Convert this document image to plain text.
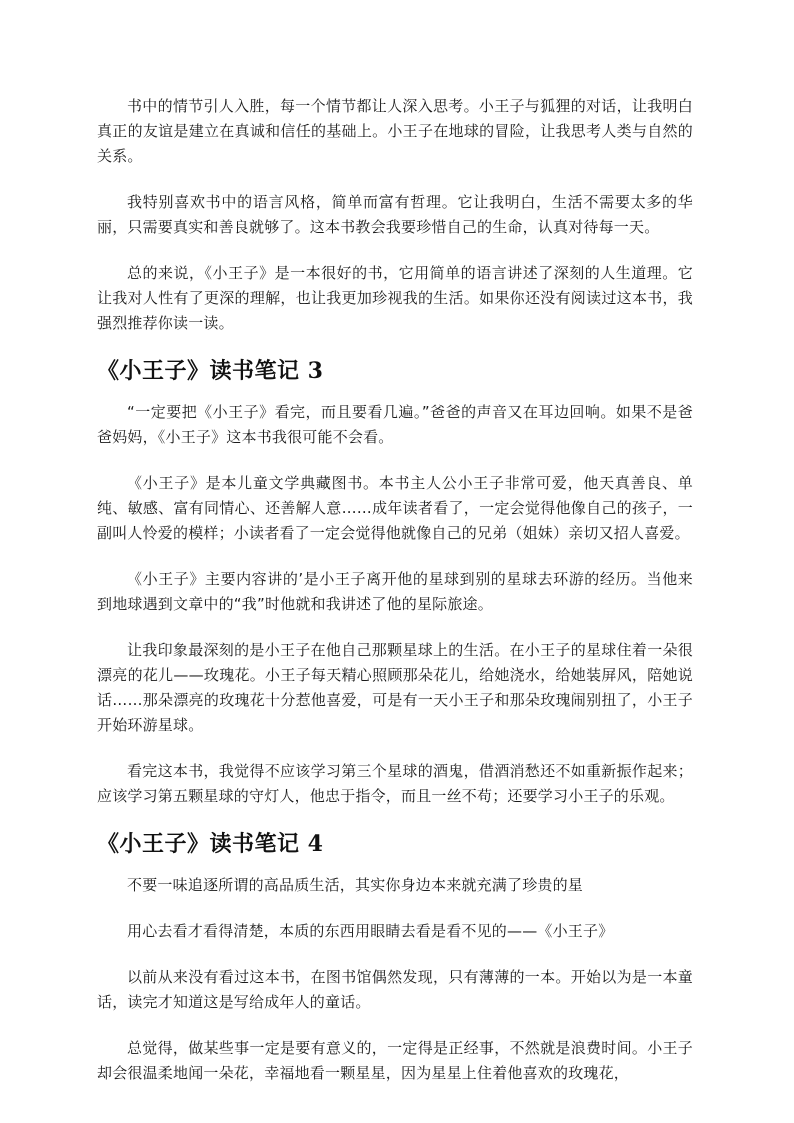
书中的情节引人入胜，每一个情节都让人深入思考。小王子与狐狸的对话，让我明白真正的友谊是建立在真诚和信任的基础上。小王子在地球的冒险，让我思考人类与自然的关系。

我特别喜欢书中的语言风格，简单而富有哲理。它让我明白，生活不需要太多的华丽，只需要真实和善良就够了。这本书教会我要珍惜自己的生命，认真对待每一天。

总的来说，《小王子》是一本很好的书，它用简单的语言讲述了深刻的人生道理。它让我对人性有了更深的理解，也让我更加珍视我的生活。如果你还没有阅读过这本书，我强烈推荐你读一读。

《小王子》读书笔记 3

“一定要把《小王子》看完，而且要看几遍。”爸爸的声音又在耳边回响。如果不是爸爸妈妈，《小王子》这本书我很可能不会看。

《小王子》是本儿童文学典藏图书。本书主人公小王子非常可爱，他天真善良、单纯、敏感、富有同情心、还善解人意……成年读者看了，一定会觉得他像自己的孩子，一副叫人怜爱的模样；小读者看了一定会觉得他就像自己的兄弟（姐妹）亲切又招人喜爱。

《小王子》主要内容讲的’是小王子离开他的星球到别的星球去环游的经历。当他来到地球遇到文章中的“我”时他就和我讲述了他的星际旅途。

让我印象最深刻的是小王子在他自己那颗星球上的生活。在小王子的星球住着一朵很漂亮的花儿——玫瑰花。小王子每天精心照顾那朵花儿，给她浇水，给她装屏风，陪她说话……那朵漂亮的玫瑰花十分惹他喜爱，可是有一天小王子和那朵玫瑰闹别扭了，小王子开始环游星球。

看完这本书，我觉得不应该学习第三个星球的酒鬼，借酒消愁还不如重新振作起来；应该学习第五颗星球的守灯人，他忠于指令，而且一丝不苟；还要学习小王子的乐观。

《小王子》读书笔记 4

不要一味追逐所谓的高品质生活，其实你身边本来就充满了珍贵的星

用心去看才看得清楚，本质的东西用眼睛去看是看不见的——《小王子》

以前从来没有看过这本书，在图书馆偶然发现，只有薄薄的一本。开始以为是一本童话，读完才知道这是写给成年人的童话。

总觉得，做某些事一定是要有意义的，一定得是正经事，不然就是浪费时间。小王子却会很温柔地闻一朵花，幸福地看一颗星星，因为星星上住着他喜欢的玫瑰花，
